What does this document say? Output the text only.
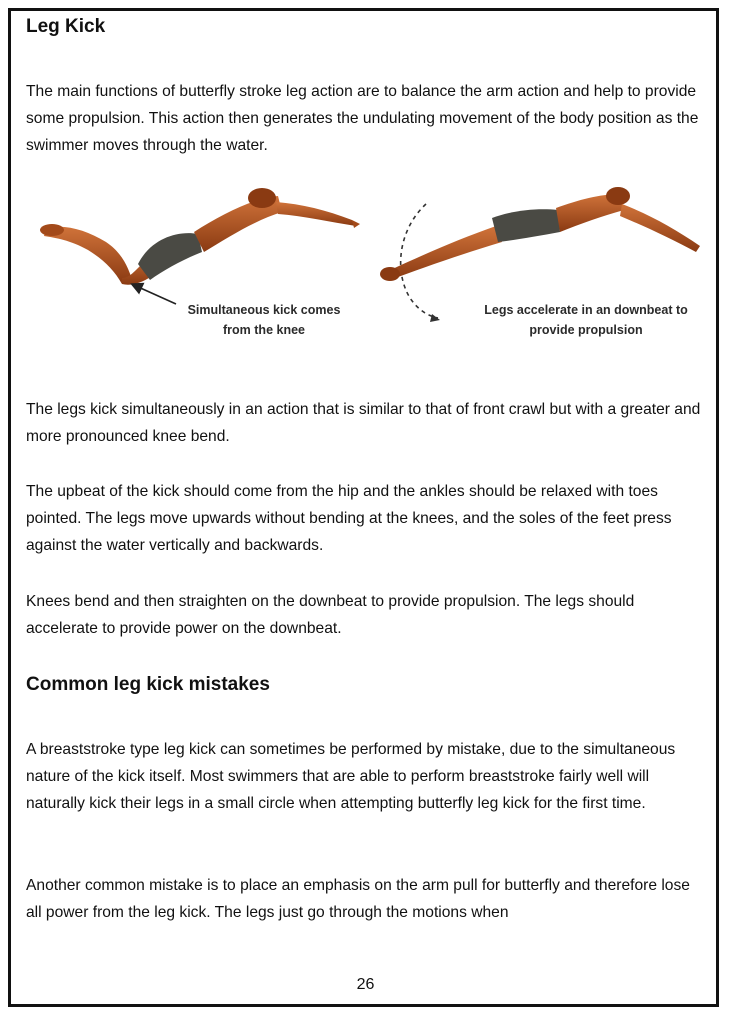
Leg Kick

The main functions of butterfly stroke leg action are to balance the arm action and help to provide some propulsion. This action then generates the undulating movement of the body position as the swimmer moves through the water.

Simultaneous kick comes from the knee
Legs accelerate in an downbeat to provide propulsion

The legs kick simultaneously in an action that is similar to that of front crawl but with a greater and more pronounced knee bend.

The upbeat of the kick should come from the hip and the ankles should be relaxed with toes pointed. The legs move upwards without bending at the knees, and the soles of the feet press against the water vertically and backwards.

Knees bend and then straighten on the downbeat to provide propulsion. The legs should accelerate to provide power on the downbeat.

Common leg kick mistakes

A breaststroke type leg kick can sometimes be performed by mistake, due to the simultaneous nature of the kick itself. Most swimmers that are able to perform breaststroke fairly well will naturally kick their legs in a small circle when attempting butterfly leg kick for the first time.

Another common mistake is to place an emphasis on the arm pull for butterfly and therefore lose all power from the leg kick. The legs just go through the motions when

26
